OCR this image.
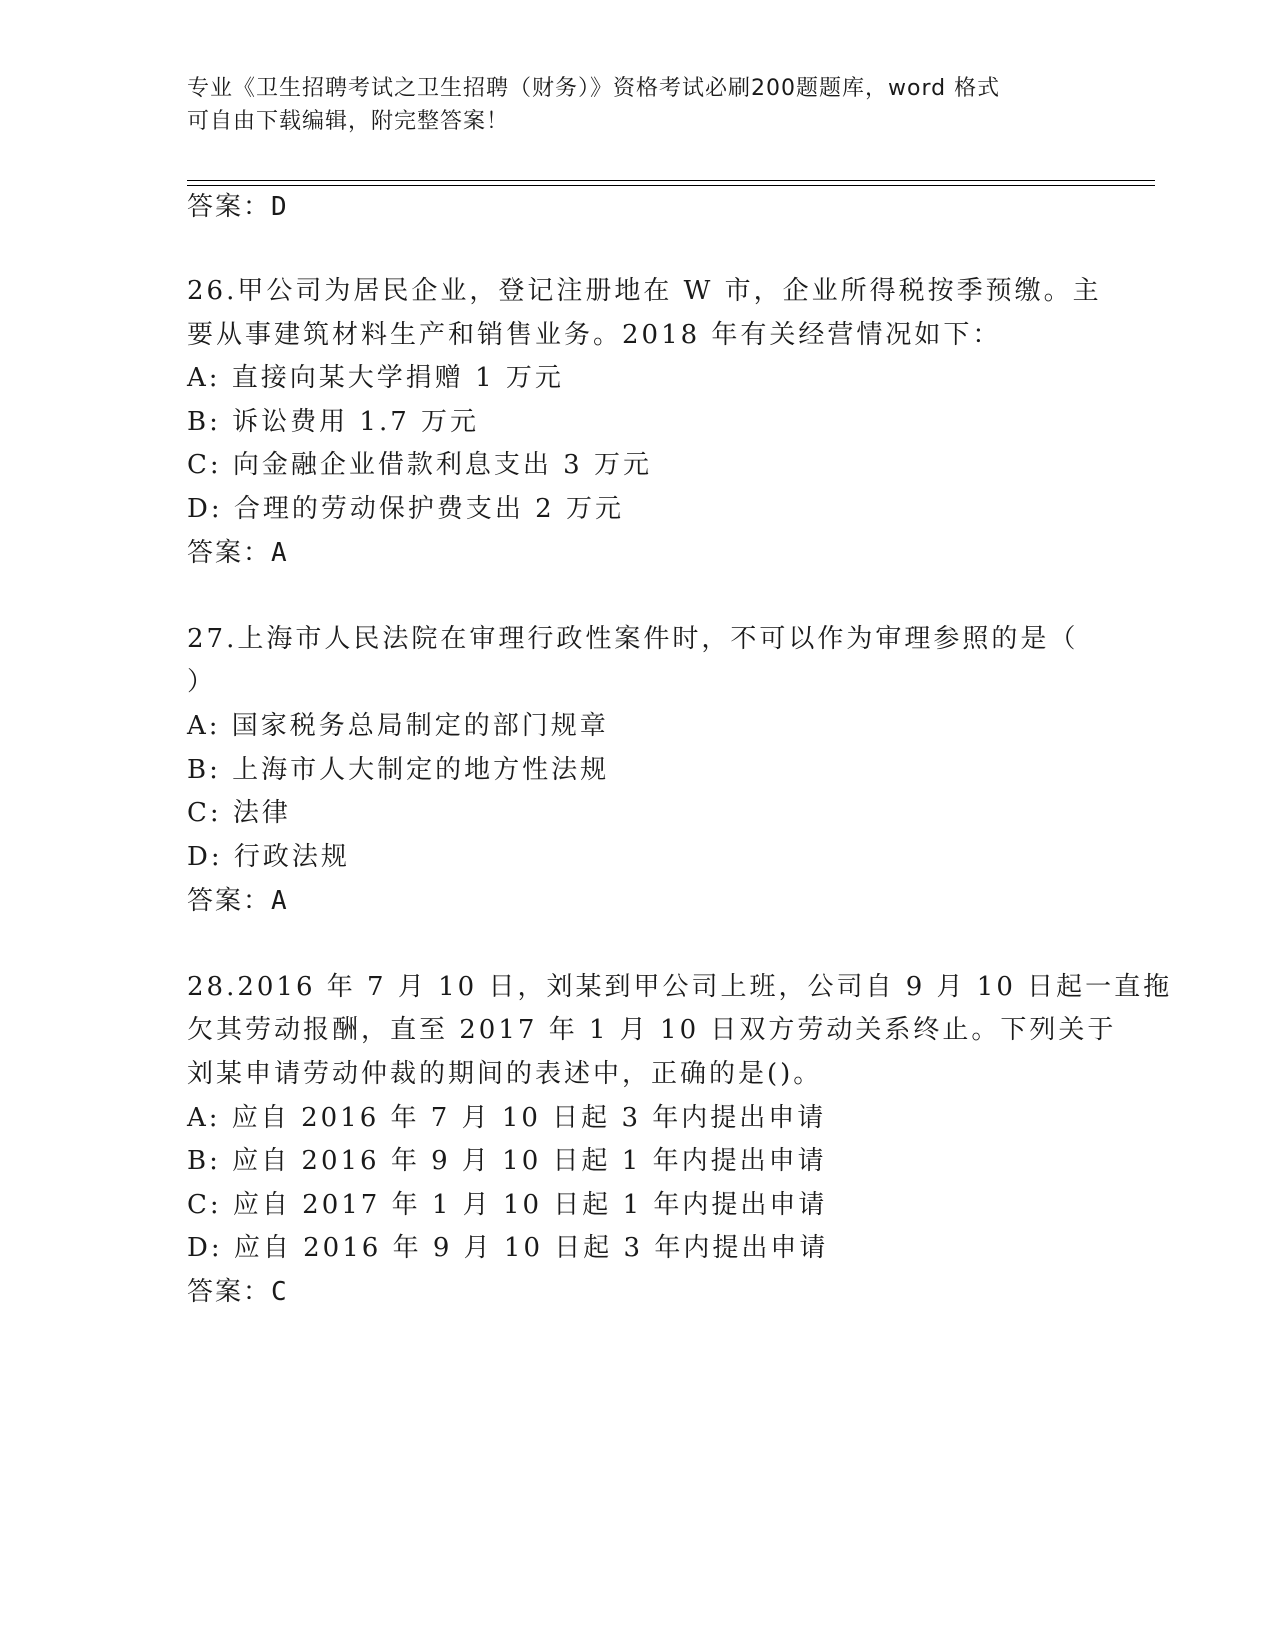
专业《卫生招聘考试之卫生招聘（财务）》资格考试必刷200题题库，word 格式
可自由下载编辑，附完整答案！
答案：D
26.甲公司为居民企业，登记注册地在 W 市，企业所得税按季预缴。主
要从事建筑材料生产和销售业务。2018 年有关经营情况如下：
A: 直接向某大学捐赠 1 万元
B: 诉讼费用 1.7 万元
C: 向金融企业借款利息支出 3 万元
D: 合理的劳动保护费支出 2 万元
答案：A
27.上海市人民法院在审理行政性案件时，不可以作为审理参照的是（
）
A: 国家税务总局制定的部门规章
B: 上海市人大制定的地方性法规
C: 法律
D: 行政法规
答案：A
28.2016 年 7 月 10 日，刘某到甲公司上班，公司自 9 月 10 日起一直拖
欠其劳动报酬，直至 2017 年 1 月 10 日双方劳动关系终止。下列关于
刘某申请劳动仲裁的期间的表述中，正确的是()。
A: 应自 2016 年 7 月 10 日起 3 年内提出申请
B: 应自 2016 年 9 月 10 日起 1 年内提出申请
C: 应自 2017 年 1 月 10 日起 1 年内提出申请
D: 应自 2016 年 9 月 10 日起 3 年内提出申请
答案：C
